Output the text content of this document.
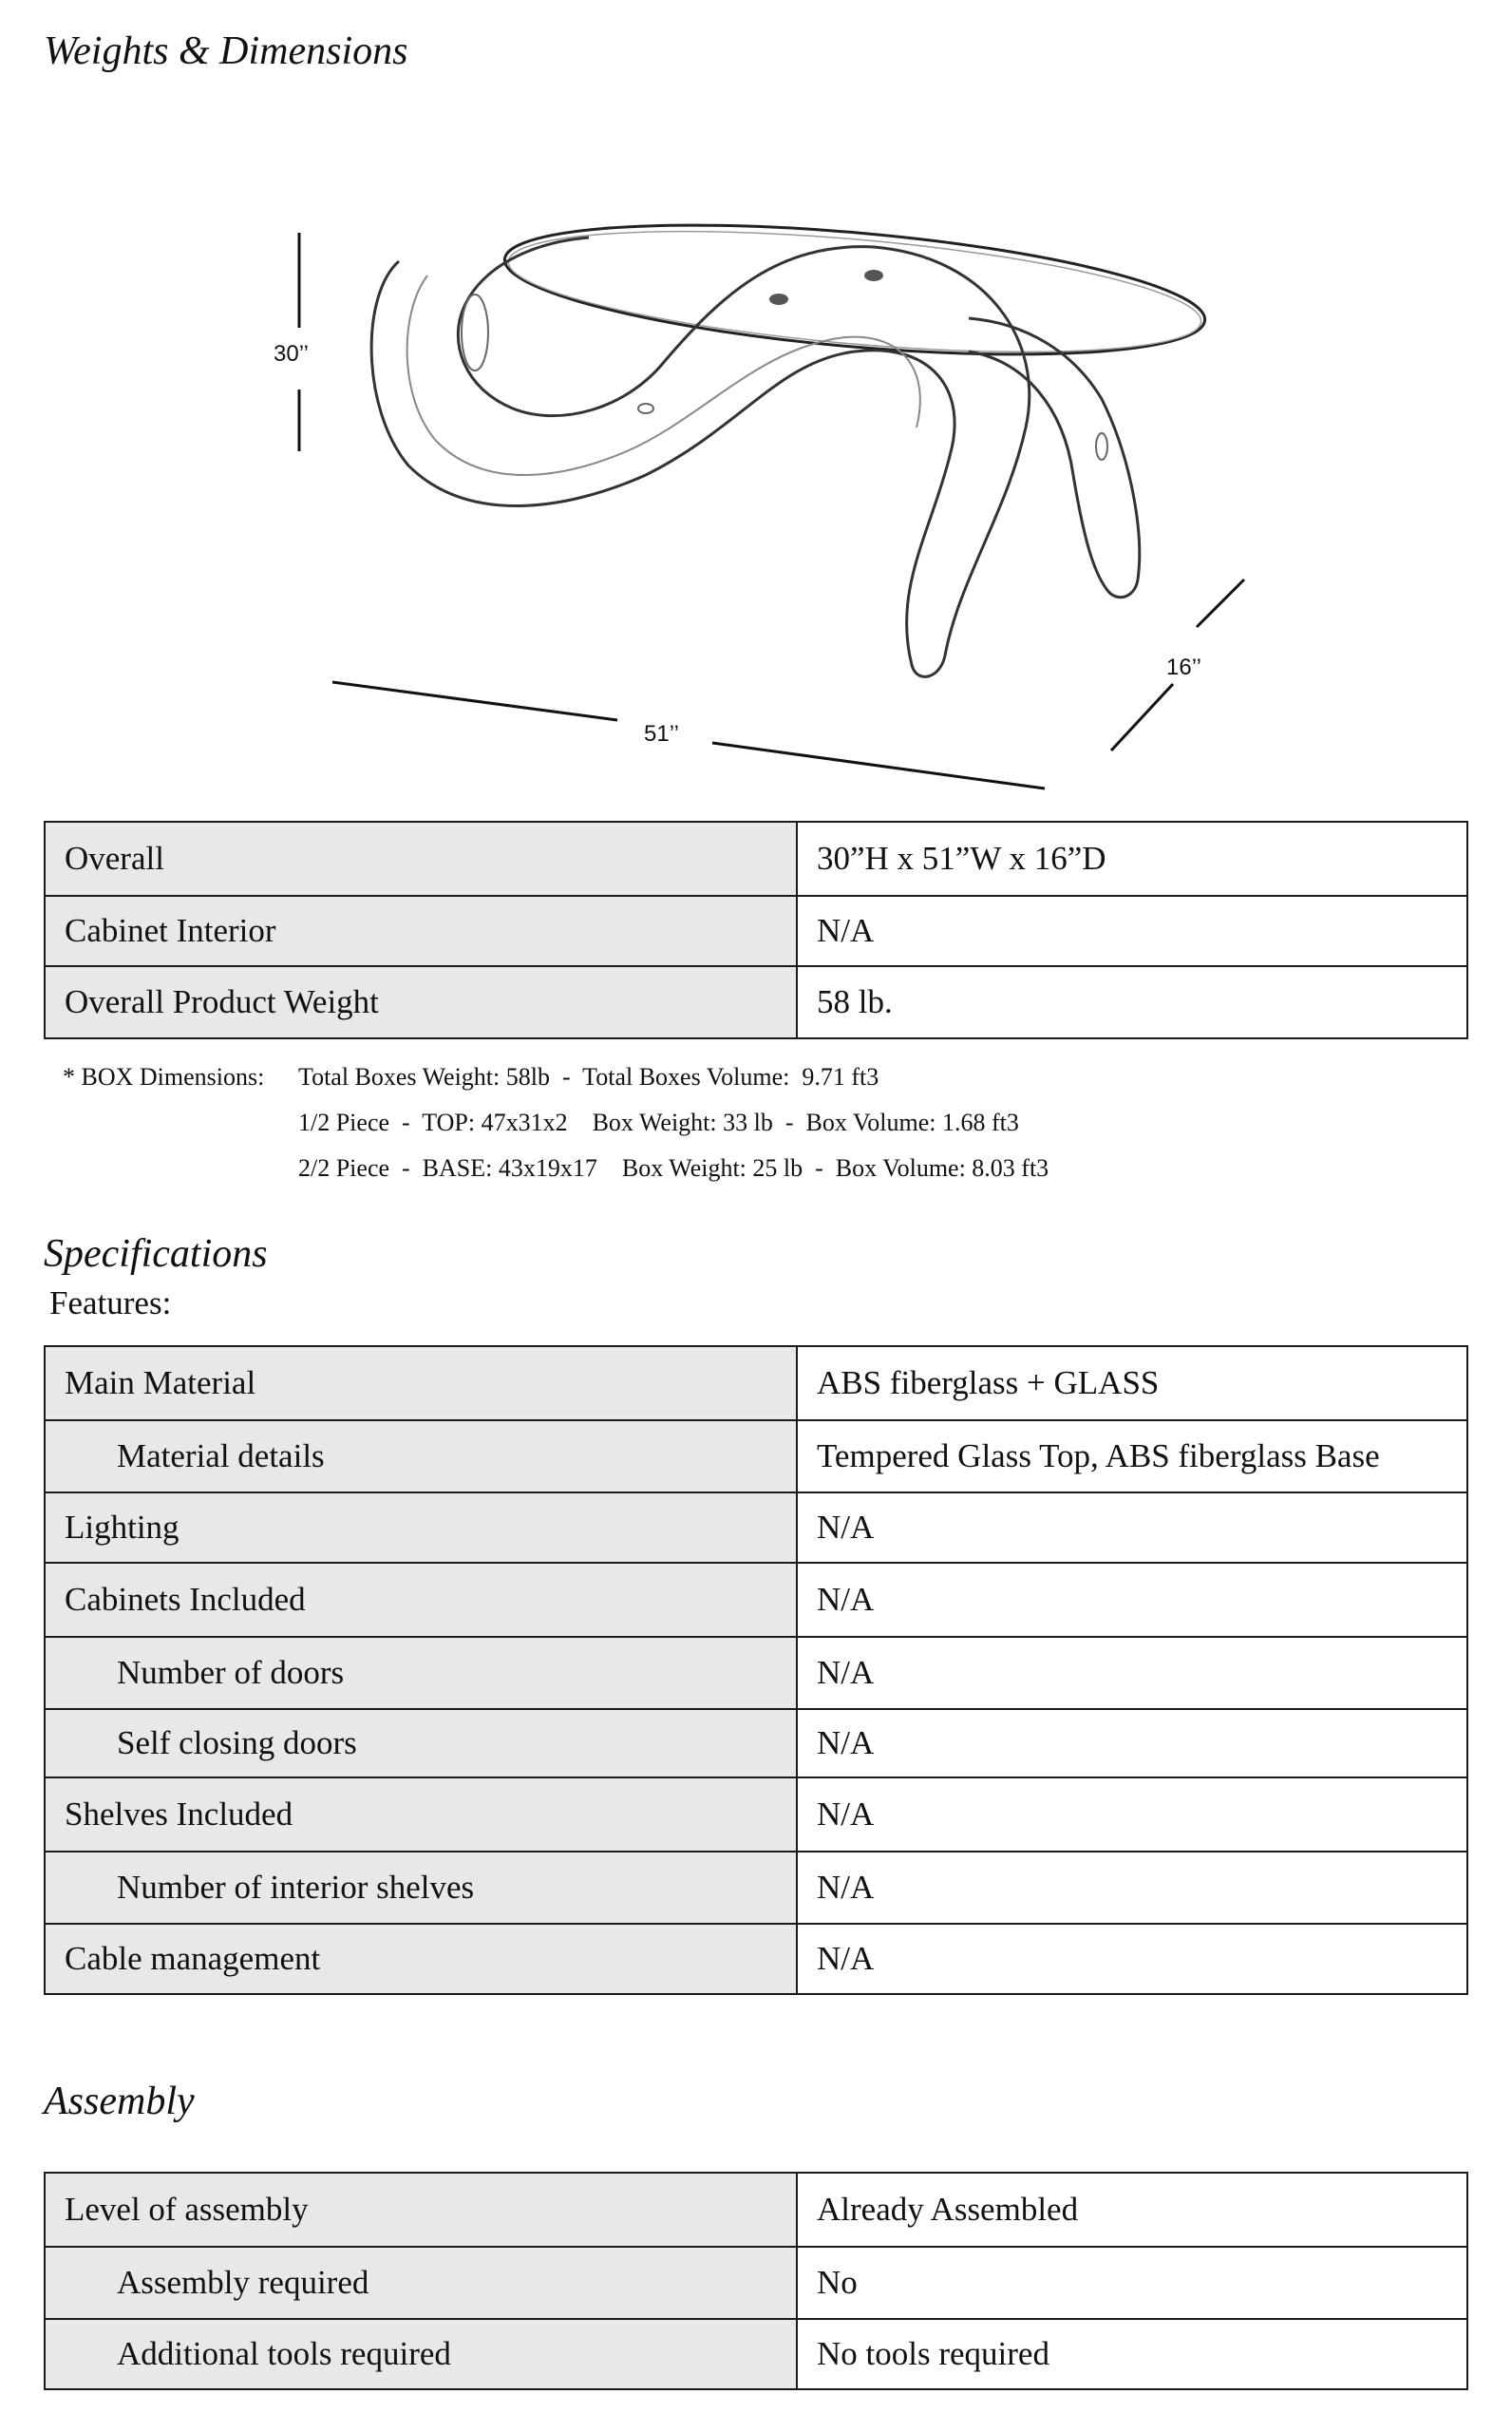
Weights & Dimensions
30’’
16’’
51’’
Overall	30”H x 51”W x 16”D
Cabinet Interior	N/A
Overall Product Weight	58 lb.
* BOX Dimensions:	Total Boxes Weight: 58lb  -  Total Boxes Volume:  9.71 ft3
1/2 Piece  -  TOP: 47x31x2    Box Weight: 33 lb  -  Box Volume: 1.68 ft3
2/2 Piece  -  BASE: 43x19x17    Box Weight: 25 lb  -  Box Volume: 8.03 ft3
Specifications
Features:
Main Material	ABS fiberglass + GLASS
Material details	Tempered Glass Top, ABS fiberglass Base
Lighting	N/A
Cabinets Included	N/A
Number of doors	N/A
Self closing doors	N/A
Shelves Included	N/A
Number of interior shelves	N/A
Cable management	N/A
Assembly
Level of assembly	Already Assembled
Assembly required	No
Additional tools required	No tools required
